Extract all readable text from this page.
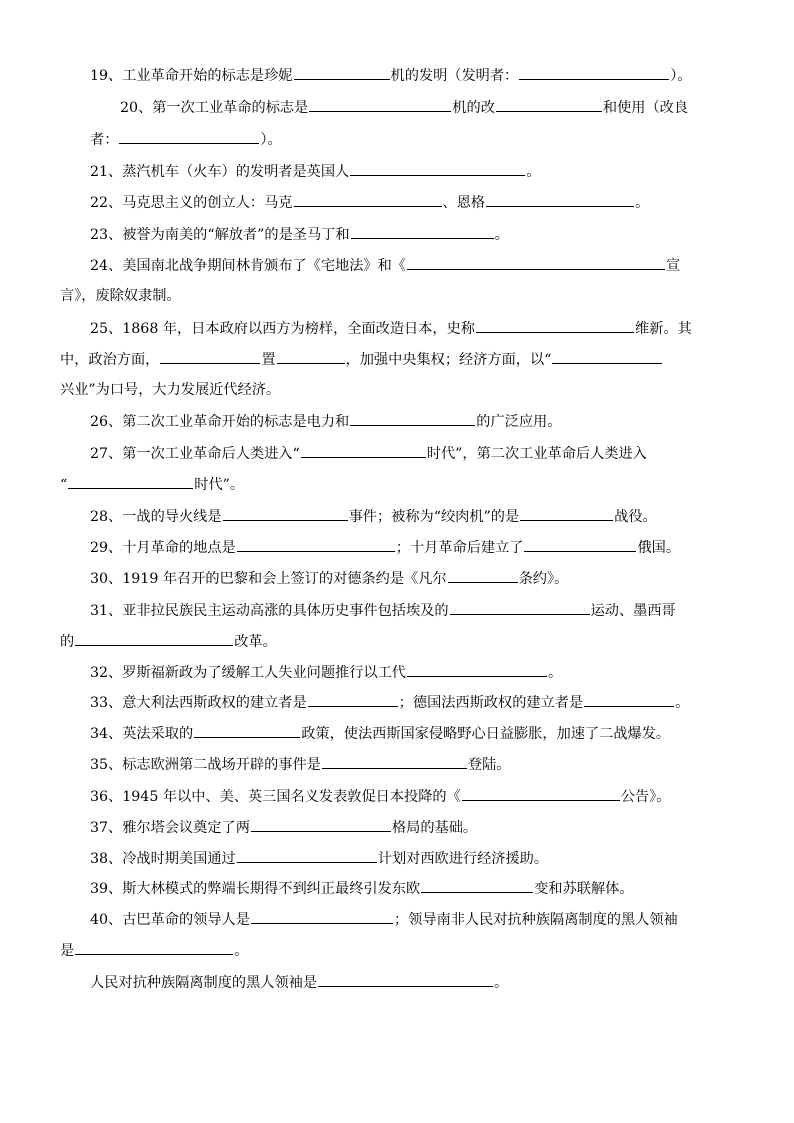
19、工业革命开始的标志是珍妮	机的发明（发明者：	）。
20、第一次工业革命的标志是	机的改	和使用（改良
者：	）。
21、蒸汽机车（火车）的发明者是英国人	。
22、马克思主义的创立人：马克	、恩格	。
23、被誉为南美的“解放者”的是圣马丁和	。
24、美国南北战争期间林肯颁布了《宅地法》和《	宣
言》，废除奴隶制。
25、1868 年，日本政府以西方为榜样，全面改造日本，史称	维新。其
中，政治方面，	置	，加强中央集权；经济方面，以“
兴业”为口号，大力发展近代经济。
26、第二次工业革命开始的标志是电力和	的广泛应用。
27、第一次工业革命后人类进入“	时代”，第二次工业革命后人类进入
“	时代”。
28、一战的导火线是	事件；被称为“绞肉机”的是	战役。
29、十月革命的地点是	；十月革命后建立了	俄国。
30、1919 年召开的巴黎和会上签订的对德条约是《凡尔	条约》。
31、亚非拉民族民主运动高涨的具体历史事件包括埃及的	运动、墨西哥
的	改革。
32、罗斯福新政为了缓解工人失业问题推行以工代	。
33、意大利法西斯政权的建立者是	；德国法西斯政权的建立者是	。
34、英法采取的	政策，使法西斯国家侵略野心日益膨胀，加速了二战爆发。
35、标志欧洲第二战场开辟的事件是	登陆。
36、1945 年以中、美、英三国名义发表敦促日本投降的《	公告》。
37、雅尔塔会议奠定了两	格局的基础。
38、冷战时期美国通过	计划对西欧进行经济援助。
39、斯大林模式的弊端长期得不到纠正最终引发东欧	变和苏联解体。
40、古巴革命的领导人是	；领导南非人民对抗种族隔离制度的黑人领袖
是	。
人民对抗种族隔离制度的黑人领袖是	。
